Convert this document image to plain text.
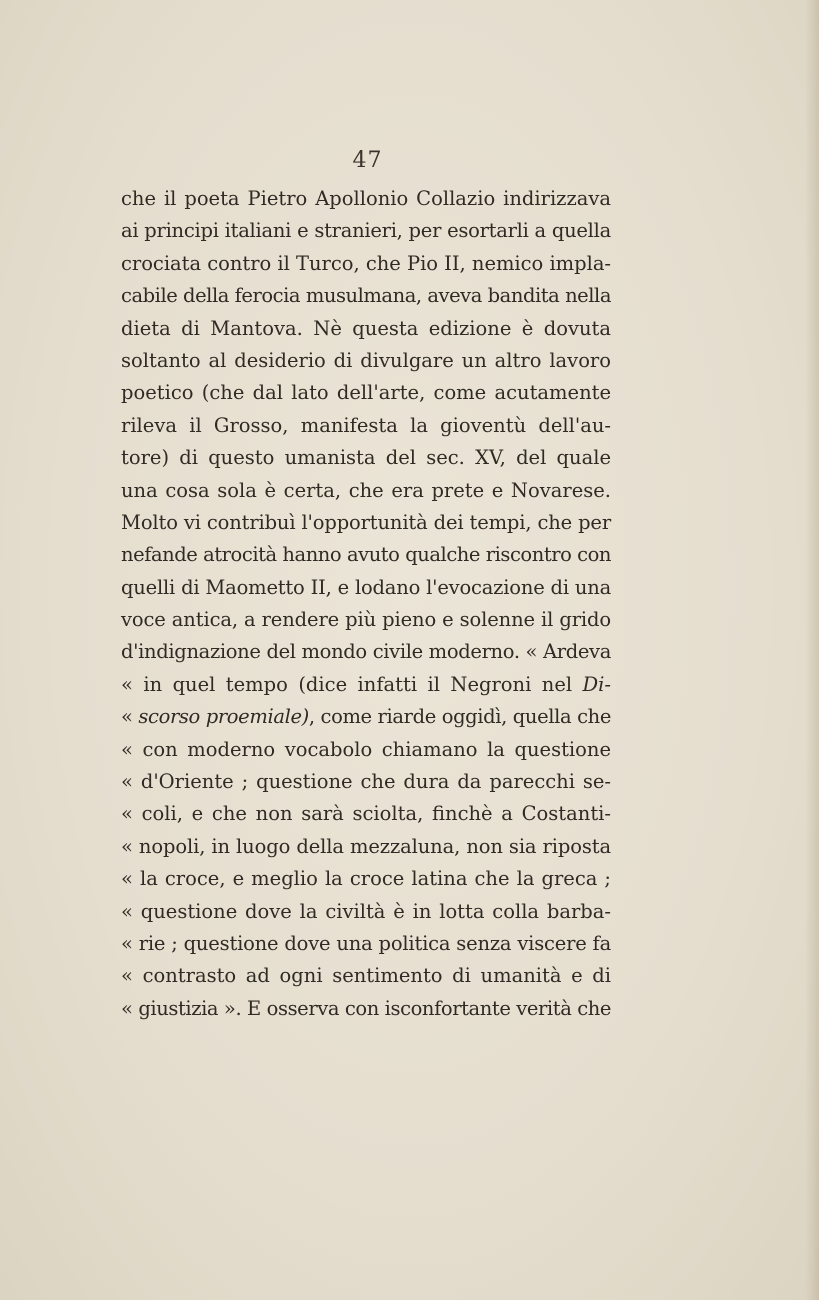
47
che il poeta Pietro Apollonio Collazio indirizzava
ai principi italiani e stranieri, per esortarli a quella
crociata contro il Turco, che Pio II, nemico impla-
cabile della ferocia musulmana, aveva bandita nella
dieta di Mantova. Nè questa edizione è dovuta
soltanto al desiderio di divulgare un altro lavoro
poetico (che dal lato dell'arte, come acutamente
rileva il Grosso, manifesta la gioventù dell'au-
tore) di questo umanista del sec. XV, del quale
una cosa sola è certa, che era prete e Novarese.
Molto vi contribuì l'opportunità dei tempi, che per
nefande atrocità hanno avuto qualche riscontro con
quelli di Maometto II, e lodano l'evocazione di una
voce antica, a rendere più pieno e solenne il grido
d'indignazione del mondo civile moderno. « Ardeva
« in quel tempo (dice infatti il Negroni nel Di-
« scorso proemiale), come riarde oggidì, quella che
« con moderno vocabolo chiamano la questione
« d'Oriente ; questione che dura da parecchi se-
« coli, e che non sarà sciolta, finchè a Costanti-
« nopoli, in luogo della mezzaluna, non sia riposta
« la croce, e meglio la croce latina che la greca ;
« questione dove la civiltà è in lotta colla barba-
« rie ; questione dove una politica senza viscere fa
« contrasto ad ogni sentimento di umanità e di
« giustizia ». E osserva con isconfortante verità che
